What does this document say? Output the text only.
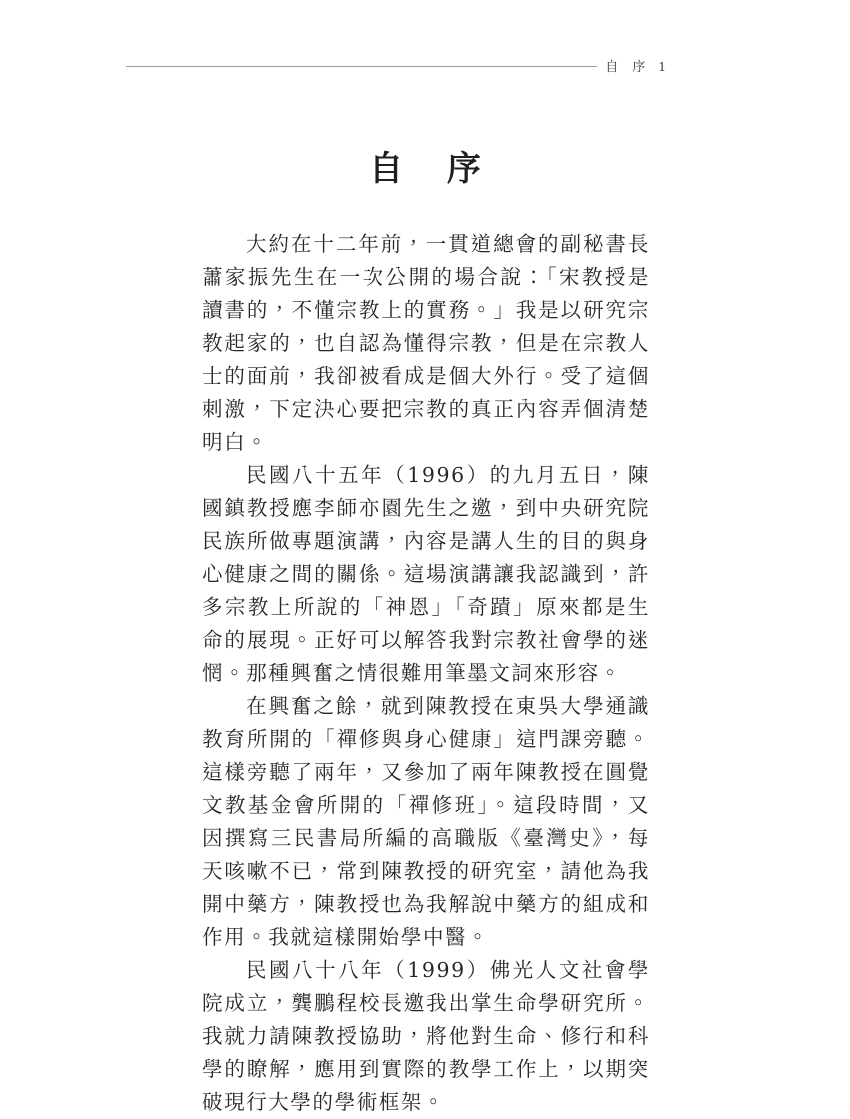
自 序 1
自 序

大約在十二年前，一貫道總會的副秘書長蕭家振先生在一次公開的場合說：「宋教授是讀書的，不懂宗教上的實務。」我是以研究宗教起家的，也自認為懂得宗教，但是在宗教人士的面前，我卻被看成是個大外行。受了這個刺激，下定決心要把宗教的真正內容弄個清楚明白。

民國八十五年（1996）的九月五日，陳國鎮教授應李師亦園先生之邀，到中央研究院民族所做專題演講，內容是講人生的目的與身心健康之間的關係。這場演講讓我認識到，許多宗教上所說的「神恩」「奇蹟」原來都是生命的展現。正好可以解答我對宗教社會學的迷惘。那種興奮之情很難用筆墨文詞來形容。

在興奮之餘，就到陳教授在東吳大學通識教育所開的「禪修與身心健康」這門課旁聽。這樣旁聽了兩年，又參加了兩年陳教授在圓覺文教基金會所開的「禪修班」。這段時間，又因撰寫三民書局所編的高職版《臺灣史》，每天咳嗽不已，常到陳教授的研究室，請他為我開中藥方，陳教授也為我解說中藥方的組成和作用。我就這樣開始學中醫。

民國八十八年（1999）佛光人文社會學院成立，龔鵬程校長邀我出掌生命學研究所。我就力請陳教授協助，將他對生命、修行和科學的瞭解，應用到實際的教學工作上，以期突破現行大學的學術框架。
